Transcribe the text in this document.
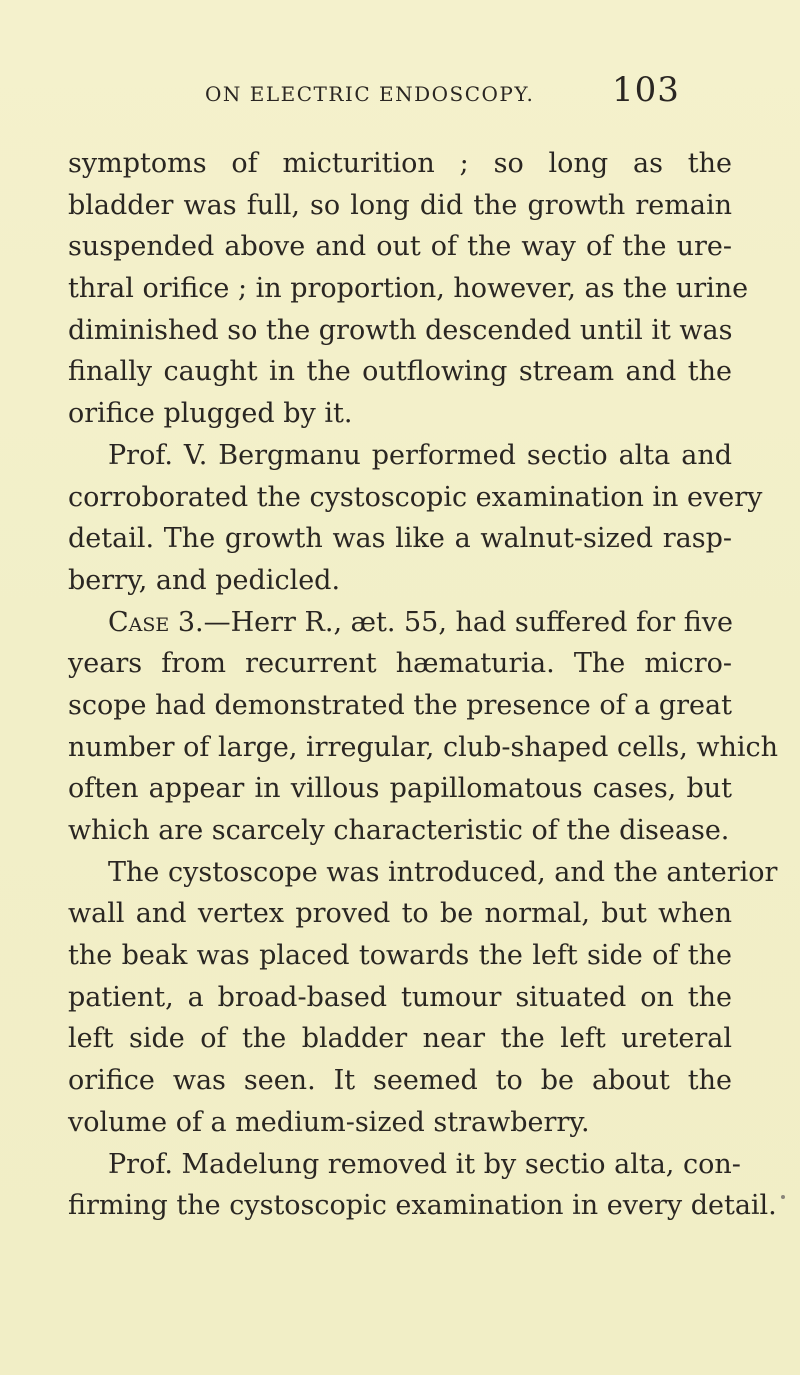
ON ELECTRIC ENDOSCOPY.	103
symptoms of micturition ; so long as the
bladder was full, so long did the growth remain
suspended above and out of the way of the ure-
thral orifice ; in proportion, however, as the urine
diminished so the growth descended until it was
finally caught in the outflowing stream and the
orifice plugged by it.
Prof. V. Bergmanu performed sectio alta and
corroborated the cystoscopic examination in every
detail. The growth was like a walnut-sized rasp-
berry, and pedicled.
Case 3.—Herr R., æt. 55, had suffered for five
years from recurrent hæmaturia. The micro-
scope had demonstrated the presence of a great
number of large, irregular, club-shaped cells, which
often appear in villous papillomatous cases, but
which are scarcely characteristic of the disease.
The cystoscope was introduced, and the anterior
wall and vertex proved to be normal, but when
the beak was placed towards the left side of the
patient, a broad-based tumour situated on the
left side of the bladder near the left ureteral
orifice was seen. It seemed to be about the
volume of a medium-sized strawberry.
Prof. Madelung removed it by sectio alta, con-
firming the cystoscopic examination in every detail.
